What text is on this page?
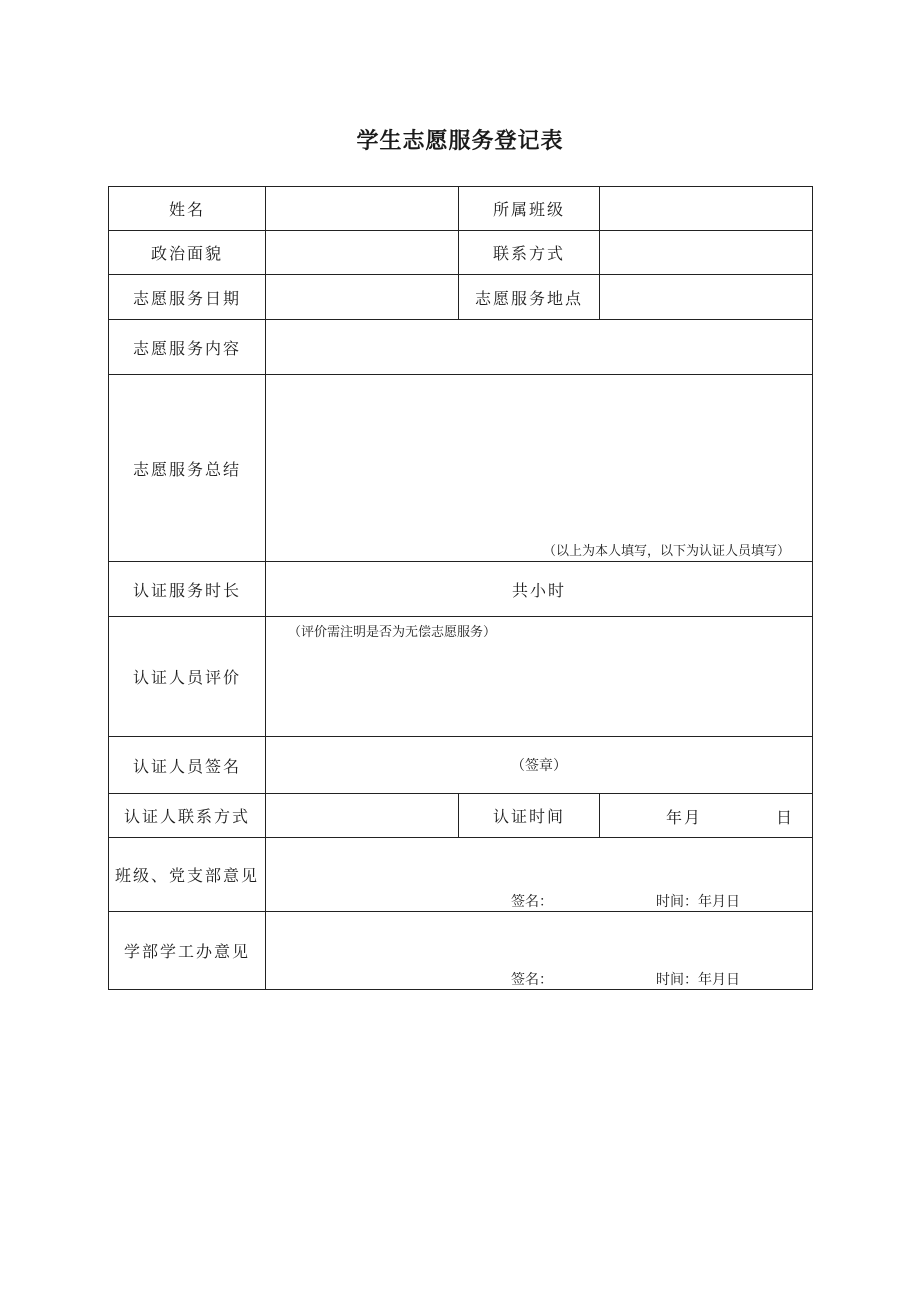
学生志愿服务登记表
姓名		所属班级	
政治面貌		联系方式	
志愿服务日期		志愿服务地点	
志愿服务内容			
志愿服务总结	（以上为本人填写，以下为认证人员填写）		

认证服务时长	共小时		
认证人员评价	（评价需注明是否为无偿志愿服务）		

认证人员签名	（签章）		
认证人联系方式		认证时间	年月 日

班级、党支部意见	签名： 时间：年月日		

学部学工办意见	签名： 时间：年月日		
